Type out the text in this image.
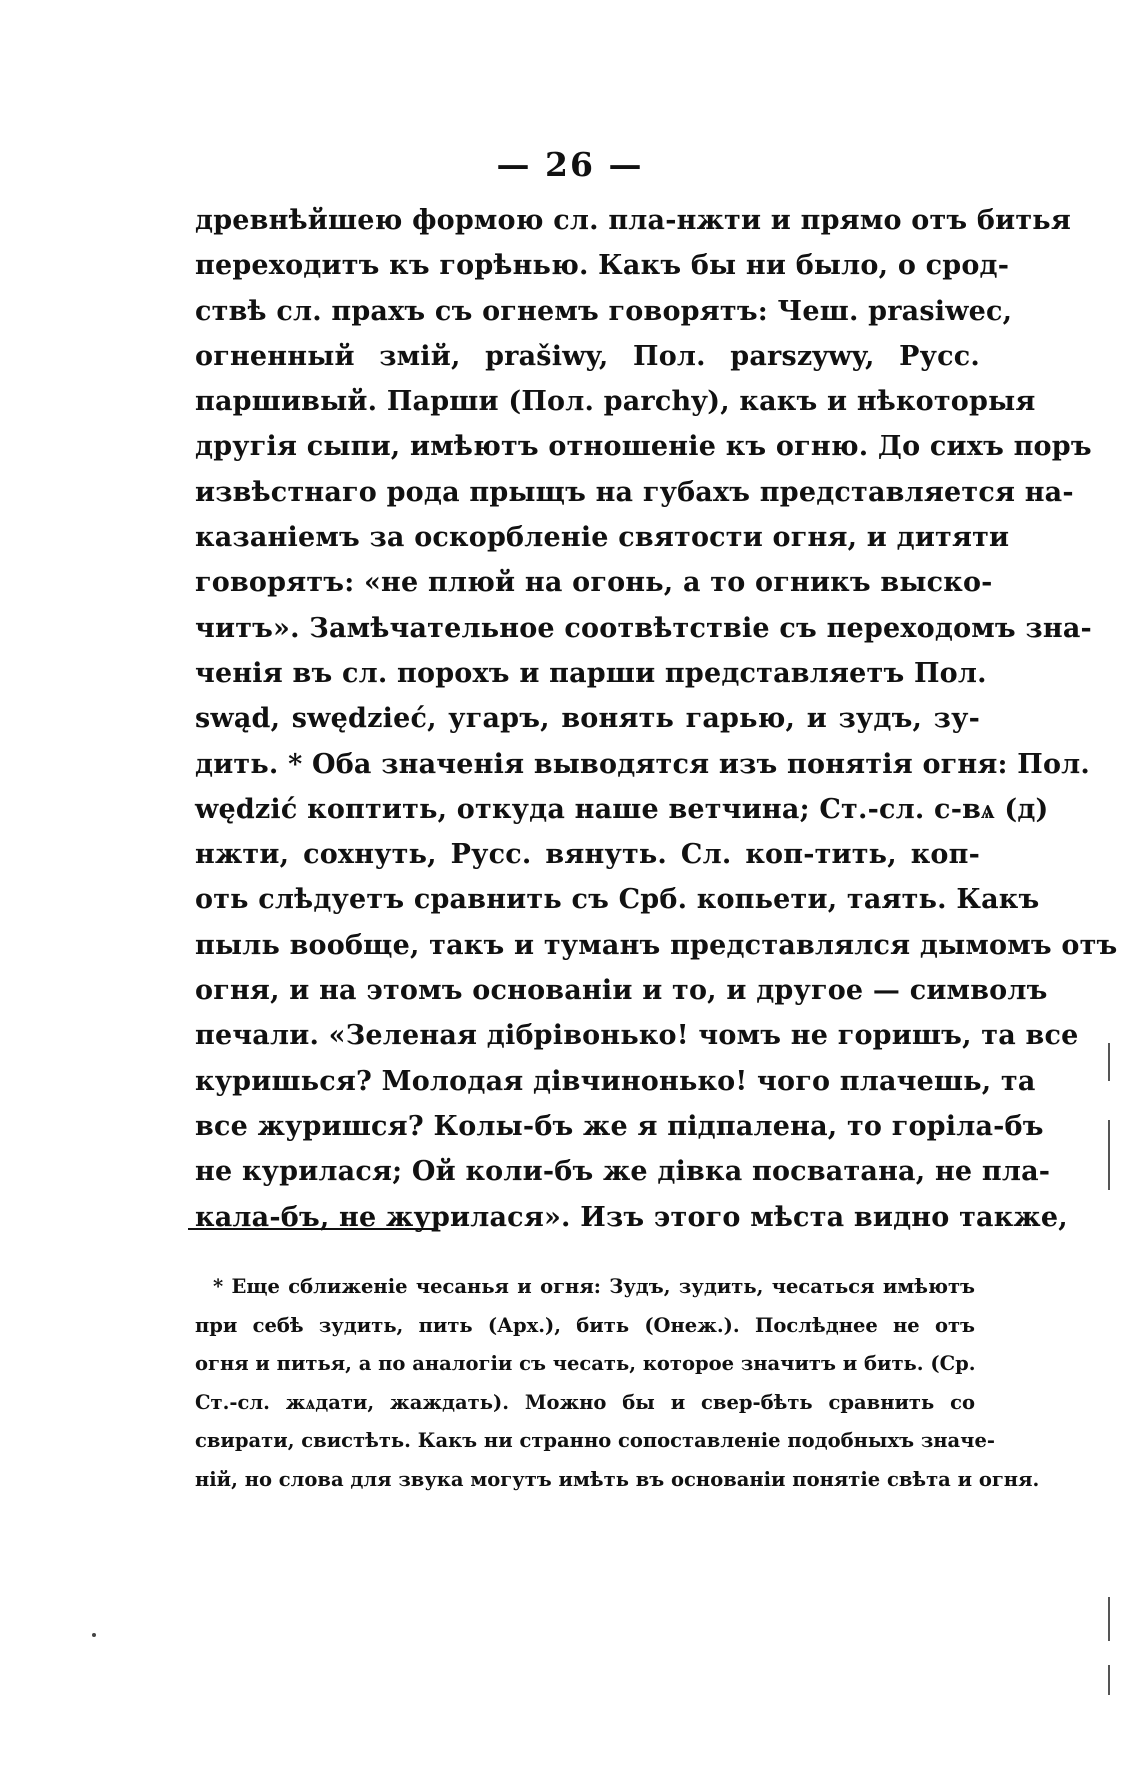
— 26 —
древнѣйшею формою сл. пла-нжти и прямо отъ битья
переходитъ къ горѣнью. Какъ бы ни было, о срод-
ствѣ сл. прахъ съ огнемъ говорятъ: Чеш. prasiwec,
огненный змій, prašiwy, Пол. parszywy, Русс.
паршивый. Парши (Пол. parchy), какъ и нѣкоторыя
другія сыпи, имѣютъ отношеніе къ огню. До сихъ поръ
извѣстнаго рода прыщъ на губахъ представляется на-
казаніемъ за оскорбленіе святости огня, и дитяти
говорятъ: «не плюй на огонь, а то огникъ выско-
читъ». Замѣчательное соотвѣтствіе съ переходомъ зна-
ченія въ сл. порохъ и парши представляетъ Пол.
swąd, swędzieć, угаръ, вонять гарью, и зудъ, зу-
дить. * Оба значенія выводятся изъ понятія огня: Пол.
wędzić коптить, откуда наше ветчина; Ст.-сл. с-вѧ (д)
нжти, сохнуть, Русс. вянуть. Сл. коп-тить, коп-
оть слѣдуетъ сравнить съ Срб. копьети, таять. Какъ
пыль вообще, такъ и туманъ представлялся дымомъ отъ
огня, и на этомъ основаніи и то, и другое — символъ
печали. «Зеленая дібрівонько! чомъ не горишъ, та все
куришься? Молодая дівчинонько! чого плачешь, та
все журишся? Колы-бъ же я підпалена, то горіла-бъ
не курилася; Ой коли-бъ же дівка посватана, не пла-
кала-бъ, не журилася». Изъ этого мѣста видно также,
* Еще сближеніе чесанья и огня: Зудъ, зудить, чесаться имѣютъ
при себѣ зудить, пить (Арх.), бить (Онеж.). Послѣднее не отъ
огня и питья, а по аналогіи съ чесать, которое значитъ и бить. (Ср.
Ст.-сл. жѧдати, жаждать). Можно бы и свер-бѣть сравнить со
свирати, свистѣть. Какъ ни странно сопоставленіе подобныхъ значе-
ній, но слова для звука могутъ имѣть въ основаніи понятіе свѣта и огня.
